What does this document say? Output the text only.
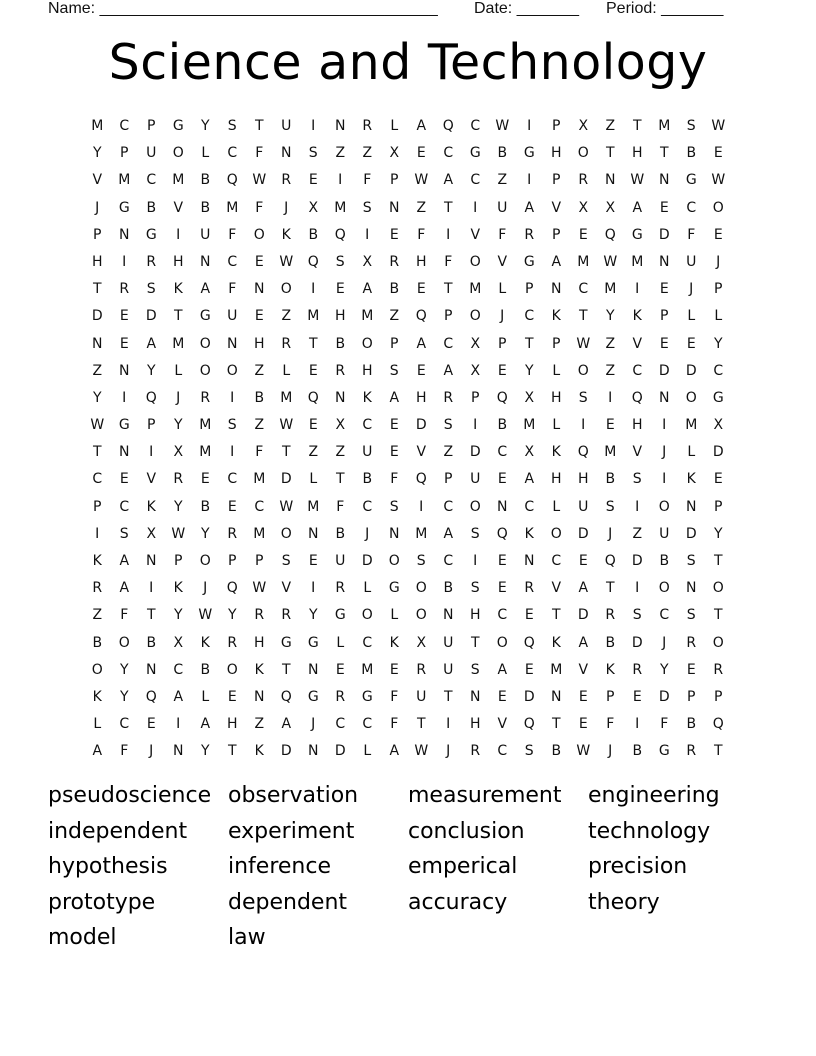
Name: ______________________________________ Date: _______ Period: _______
Science and Technology
M	C	P	G	Y	S	T	U	I	N	R	L	A	Q	C	W	I	P	X	Z	T	M	S	W
Y	P	U	O	L	C	F	N	S	Z	Z	X	E	C	G	B	G	H	O	T	H	T	B	E
V	M	C	M	B	Q	W	R	E	I	F	P	W	A	C	Z	I	P	R	N	W	N	G	W
J	G	B	V	B	M	F	J	X	M	S	N	Z	T	I	U	A	V	X	X	A	E	C	O
P	N	G	I	U	F	O	K	B	Q	I	E	F	I	V	F	R	P	E	Q	G	D	F	E
H	I	R	H	N	C	E	W	Q	S	X	R	H	F	O	V	G	A	M W M	N	U	J
T	R	S	K	A	F	N	O	I	E	A	B	E	T	M	L	P	N	C	M	I	E	J	P
D	E	D	T	G	U	E	Z	M	H	M	Z	Q	P	O	J	C	K	T	Y	K	P	L	L
N	E	A	M	O	N	H	R	T	B	O	P	A	C	X	P	T	P	W	Z	V	E	E	Y
Z	N	Y	L	O	O	Z	L	E	R	H	S	E	A	X	E	Y	L	O	Z	C	D	D	C
Y	I	Q	J	R	I	B	M	Q	N	K	A	H	R	P	Q	X	H	S	I	Q	N	O	G
W	G	P	Y	M	S	Z	W	E	X	C	E	D	S	I	B	M	L	I	E	H	I	M	X
T	N	I	X	M	I	F	T	Z	Z	U	E	V	Z	D	C	X	K	Q	M	V	J	L	D
C	E	V	R	E	C	M	D	L	T	B	F	Q	P	U	E	A	H	H	B	S	I	K	E
P	C	K	Y	B	E	C	W M	F	C	S	I	C	O	N	C	L	U	S	I	O	N	P
I	S	X	W	Y	R	M	O	N	B	J	N	M	A	S	Q	K	O	D	J	Z	U	D	Y
K	A	N	P	O	P	P	S	E	U	D	O	S	C	I	E	N	C	E	Q	D	B	S	T
R	A	I	K	J	Q	W	V	I	R	L	G	O	B	S	E	R	V	A	T	I	O	N	O
Z	F	T	Y	W	Y	R	R	Y	G	O	L	O	N	H	C	E	T	D	R	S	C	S	T
B	O	B	X	K	R	H	G	G	L	C	K	X	U	T	O	Q	K	A	B	D	J	R	O
O	Y	N	C	B	O	K	T	N	E	M	E	R	U	S	A	E	M	V	K	R	Y	E	R
K	Y	Q	A	L	E	N	Q	G	R	G	F	U	T	N	E	D	N	E	P	E	D	P	P
L	C	E	I	A	H	Z	A	J	C	C	F	T	I	H	V	Q	T	E	F	I	F	B	Q
A	F	J	N	Y	T	K	D	N	D	L	A	W	J	R	C	S	B	W	J	B	G	R	T
pseudoscience observation	measurement	engineering
independent	experiment	conclusion	technology
hypothesis	inference	emperical	precision
prototype	dependent	accuracy	theory
model	law
